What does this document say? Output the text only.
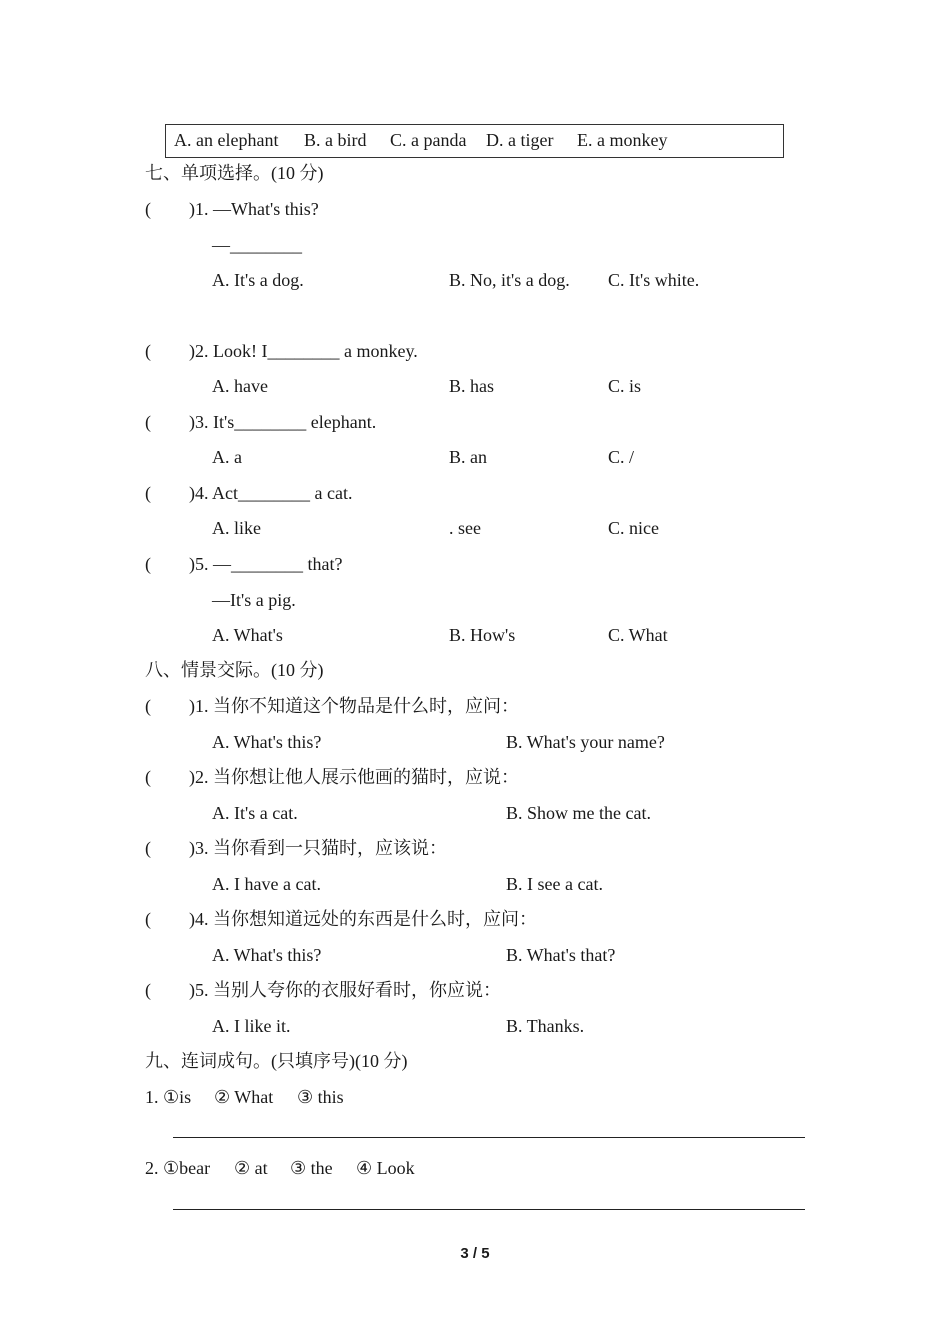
A. an elephant B. a bird C. a panda D. a tiger E. a monkey
七、单项选择。(10 分)
( )1. —What's this?
—________
A. It's a dog.	B. No, it's a dog. C. It's white.
( )2. Look! I________ a monkey.
A. have	B. has	C. is
( )3. It's________ elephant.
A. a	B. an	C. /
( )4. Act________ a cat.
A. like	. see	C. nice
( )5. —________ that?
—It's a pig.
A. What's	B. How's	C. What
八、情景交际。(10 分)
( )1. 当你不知道这个物品是什么时，应问：
A. What's this?	B. What's your name?
( )2. 当你想让他人展示他画的猫时，应说：
A. It's a cat.	B. Show me the cat.
( )3. 当你看到一只猫时，应该说：
A. I have a cat.	B. I see a cat.
( )4. 当你想知道远处的东西是什么时，应问：
A. What's this?	B. What's that?
( )5. 当别人夸你的衣服好看时，你应说：
A. I like it.	B. Thanks.
九、连词成句。(只填序号)(10 分)
1. ①is ② What ③ this
2. ①bear ② at ③ the ④ Look
3 / 5
